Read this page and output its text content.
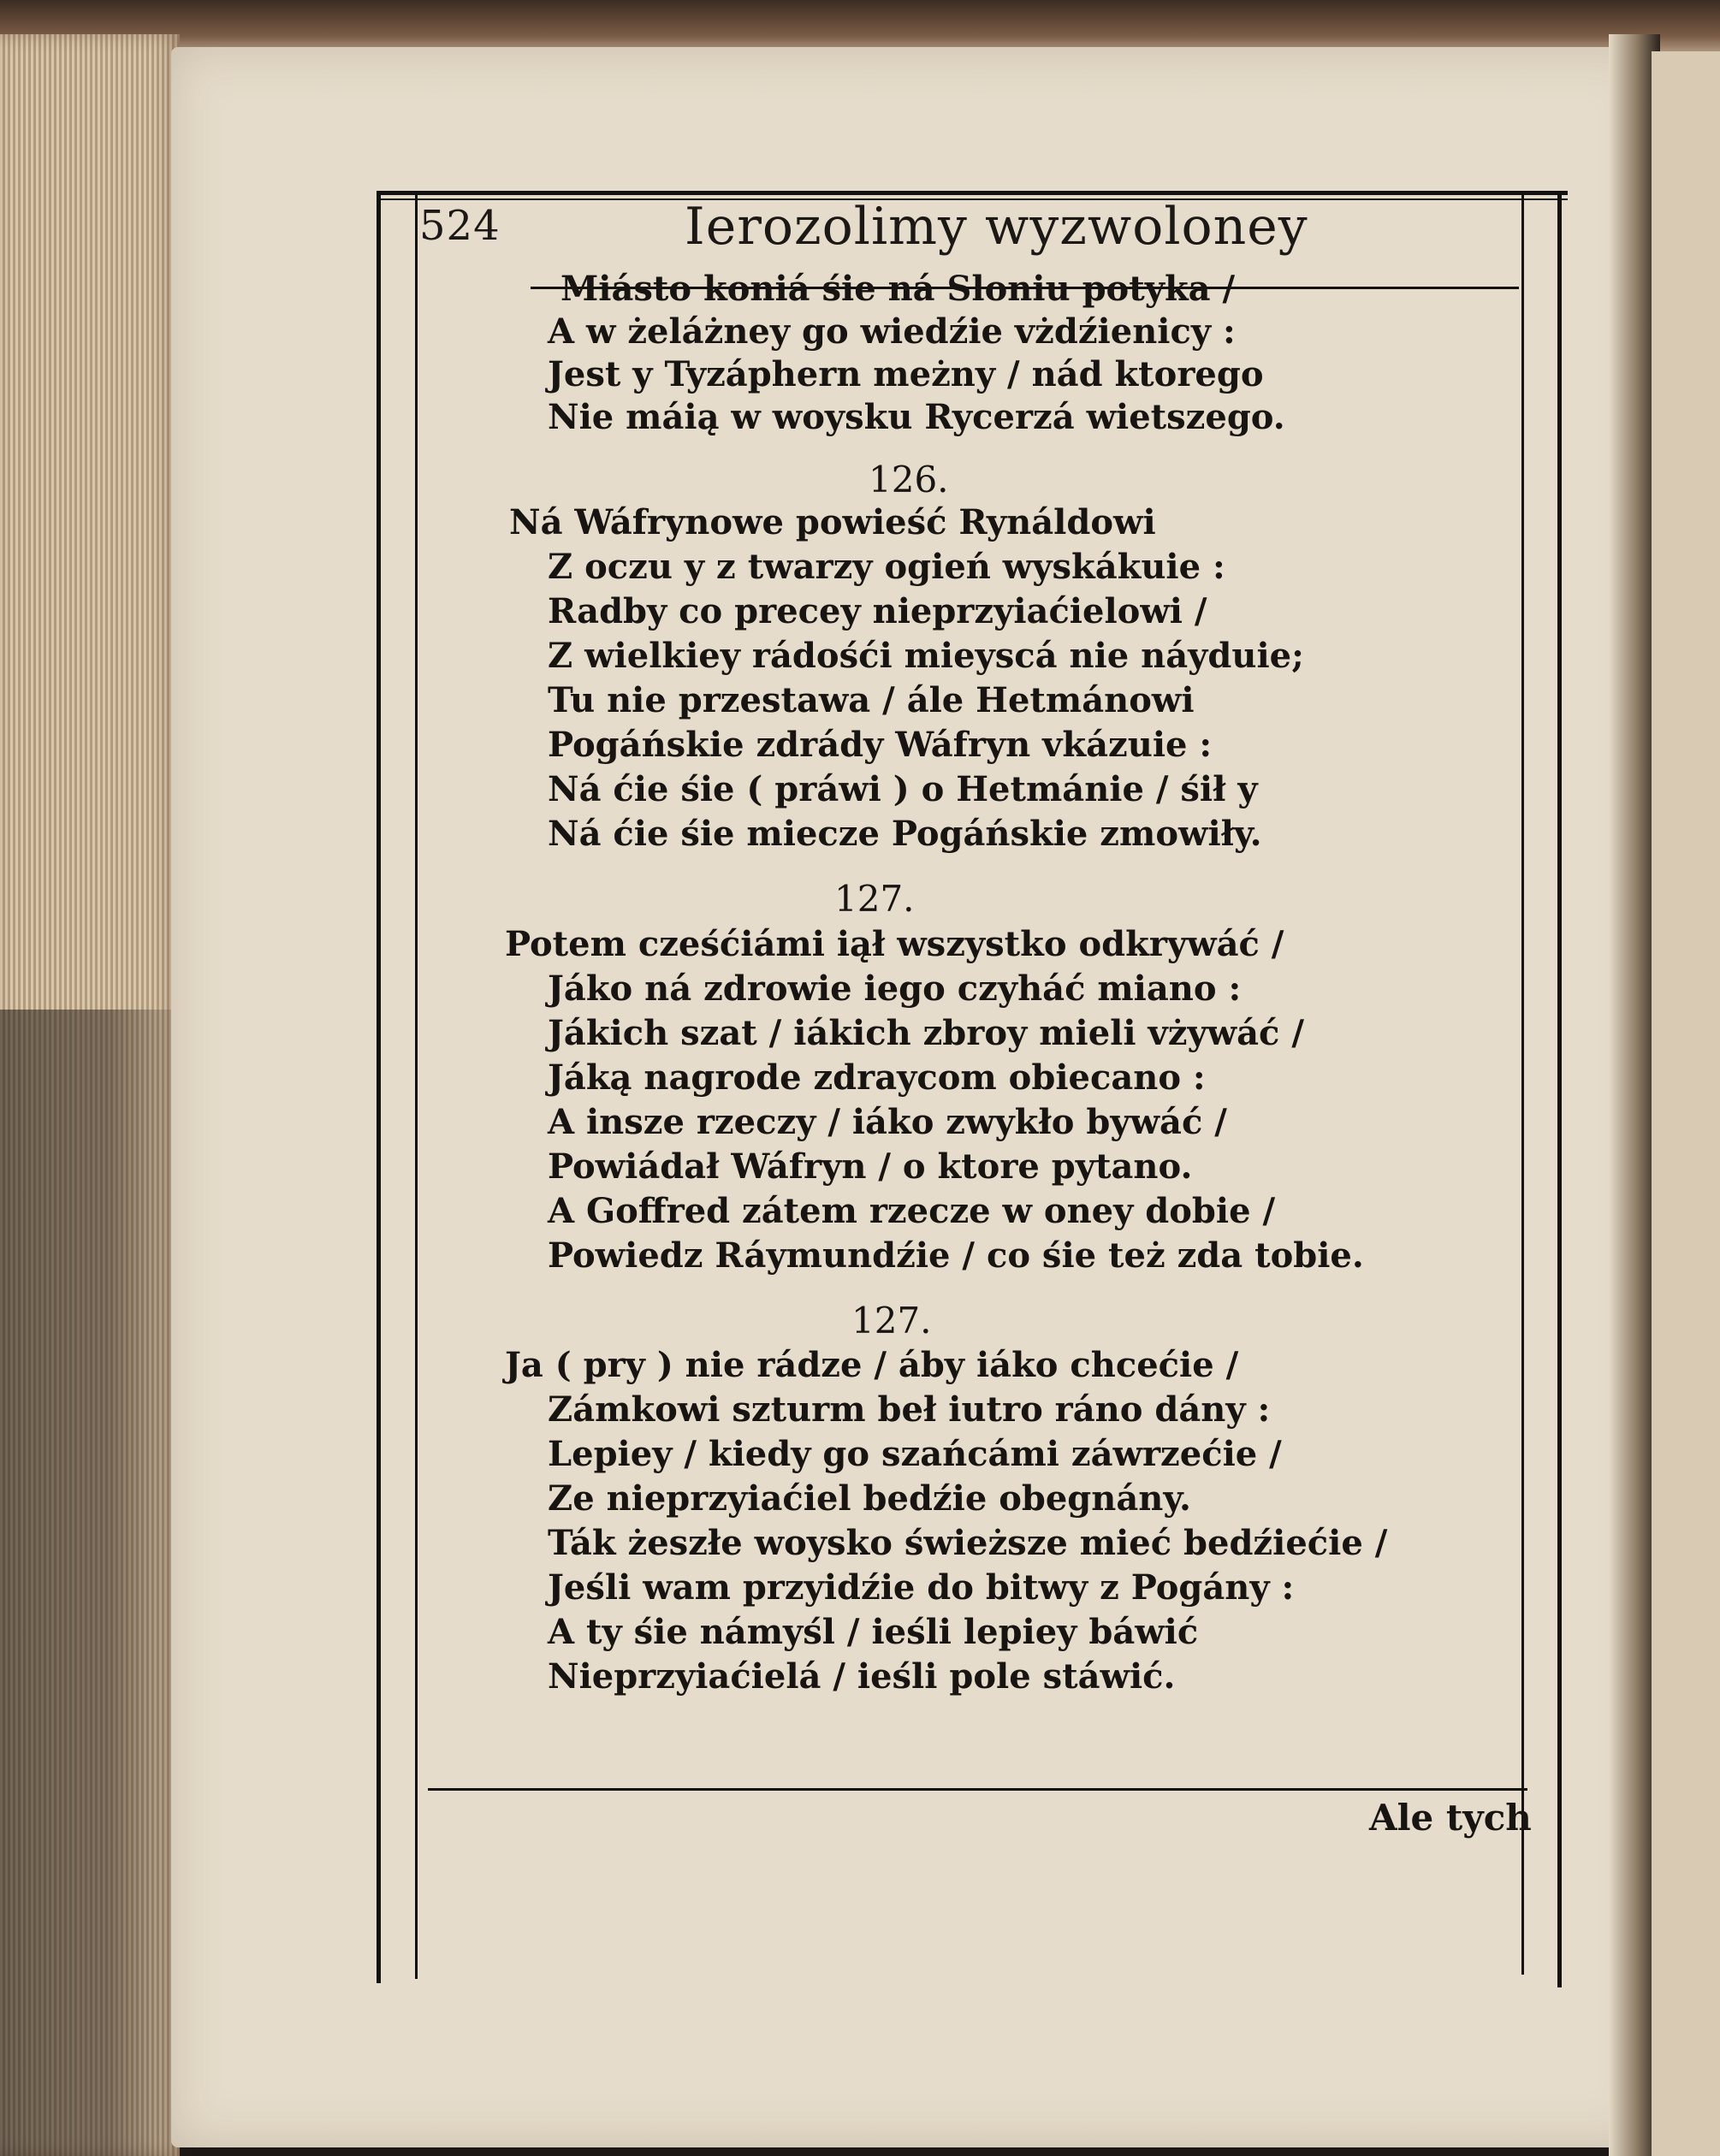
524	Ierozolimy wyzwoloney
Miásto koniá śie ná Sloniu potyka /
A w żeláżney go wiedźie vżdźienicy :
Jest y Tyzáphern meżny / nád ktorego
Nie máią w woysku Rycerzá wietszego.
126.
Ná Wáfrynowe powieść Rynáldowi
Z oczu y z twarzy ogień wyskákuie :
Radby co precey nieprzyiaćielowi /
Z wielkiey rádośći mieyscá nie náyduie;
Tu nie przestawa / ále Hetmánowi
Pogáńskie zdrády Wáfryn vkázuie :
Ná ćie śie ( práwi ) o Hetmánie / śił y
Ná ćie śie miecze Pogáńskie zmowiły.
127.
Potem cześćiámi iął wszystko odkrywáć /
Jáko ná zdrowie iego czyháć miano :
Jákich szat / iákich zbroy mieli vżywáć /
Jáką nagrode zdraycom obiecano :
A insze rzeczy / iáko zwykło bywáć /
Powiádał Wáfryn / o ktore pytano.
A Goffred zátem rzecze w oney dobie /
Powiedz Ráymundźie / co śie też zda tobie.
127.
Ja ( pry ) nie rádze / áby iáko chcećie /
Zámkowi szturm beł iutro ráno dány :
Lepiey / kiedy go szańcámi záwrzećie /
Ze nieprzyiaćiel bedźie obegnány.
Ták żeszłe woysko świeższe mieć bedźiećie /
Jeśli wam przyidźie do bitwy z Pogány :
A ty śie námyśl / ieśli lepiey báwić
Nieprzyiaćielá / ieśli pole stáwić.
Ale tych
